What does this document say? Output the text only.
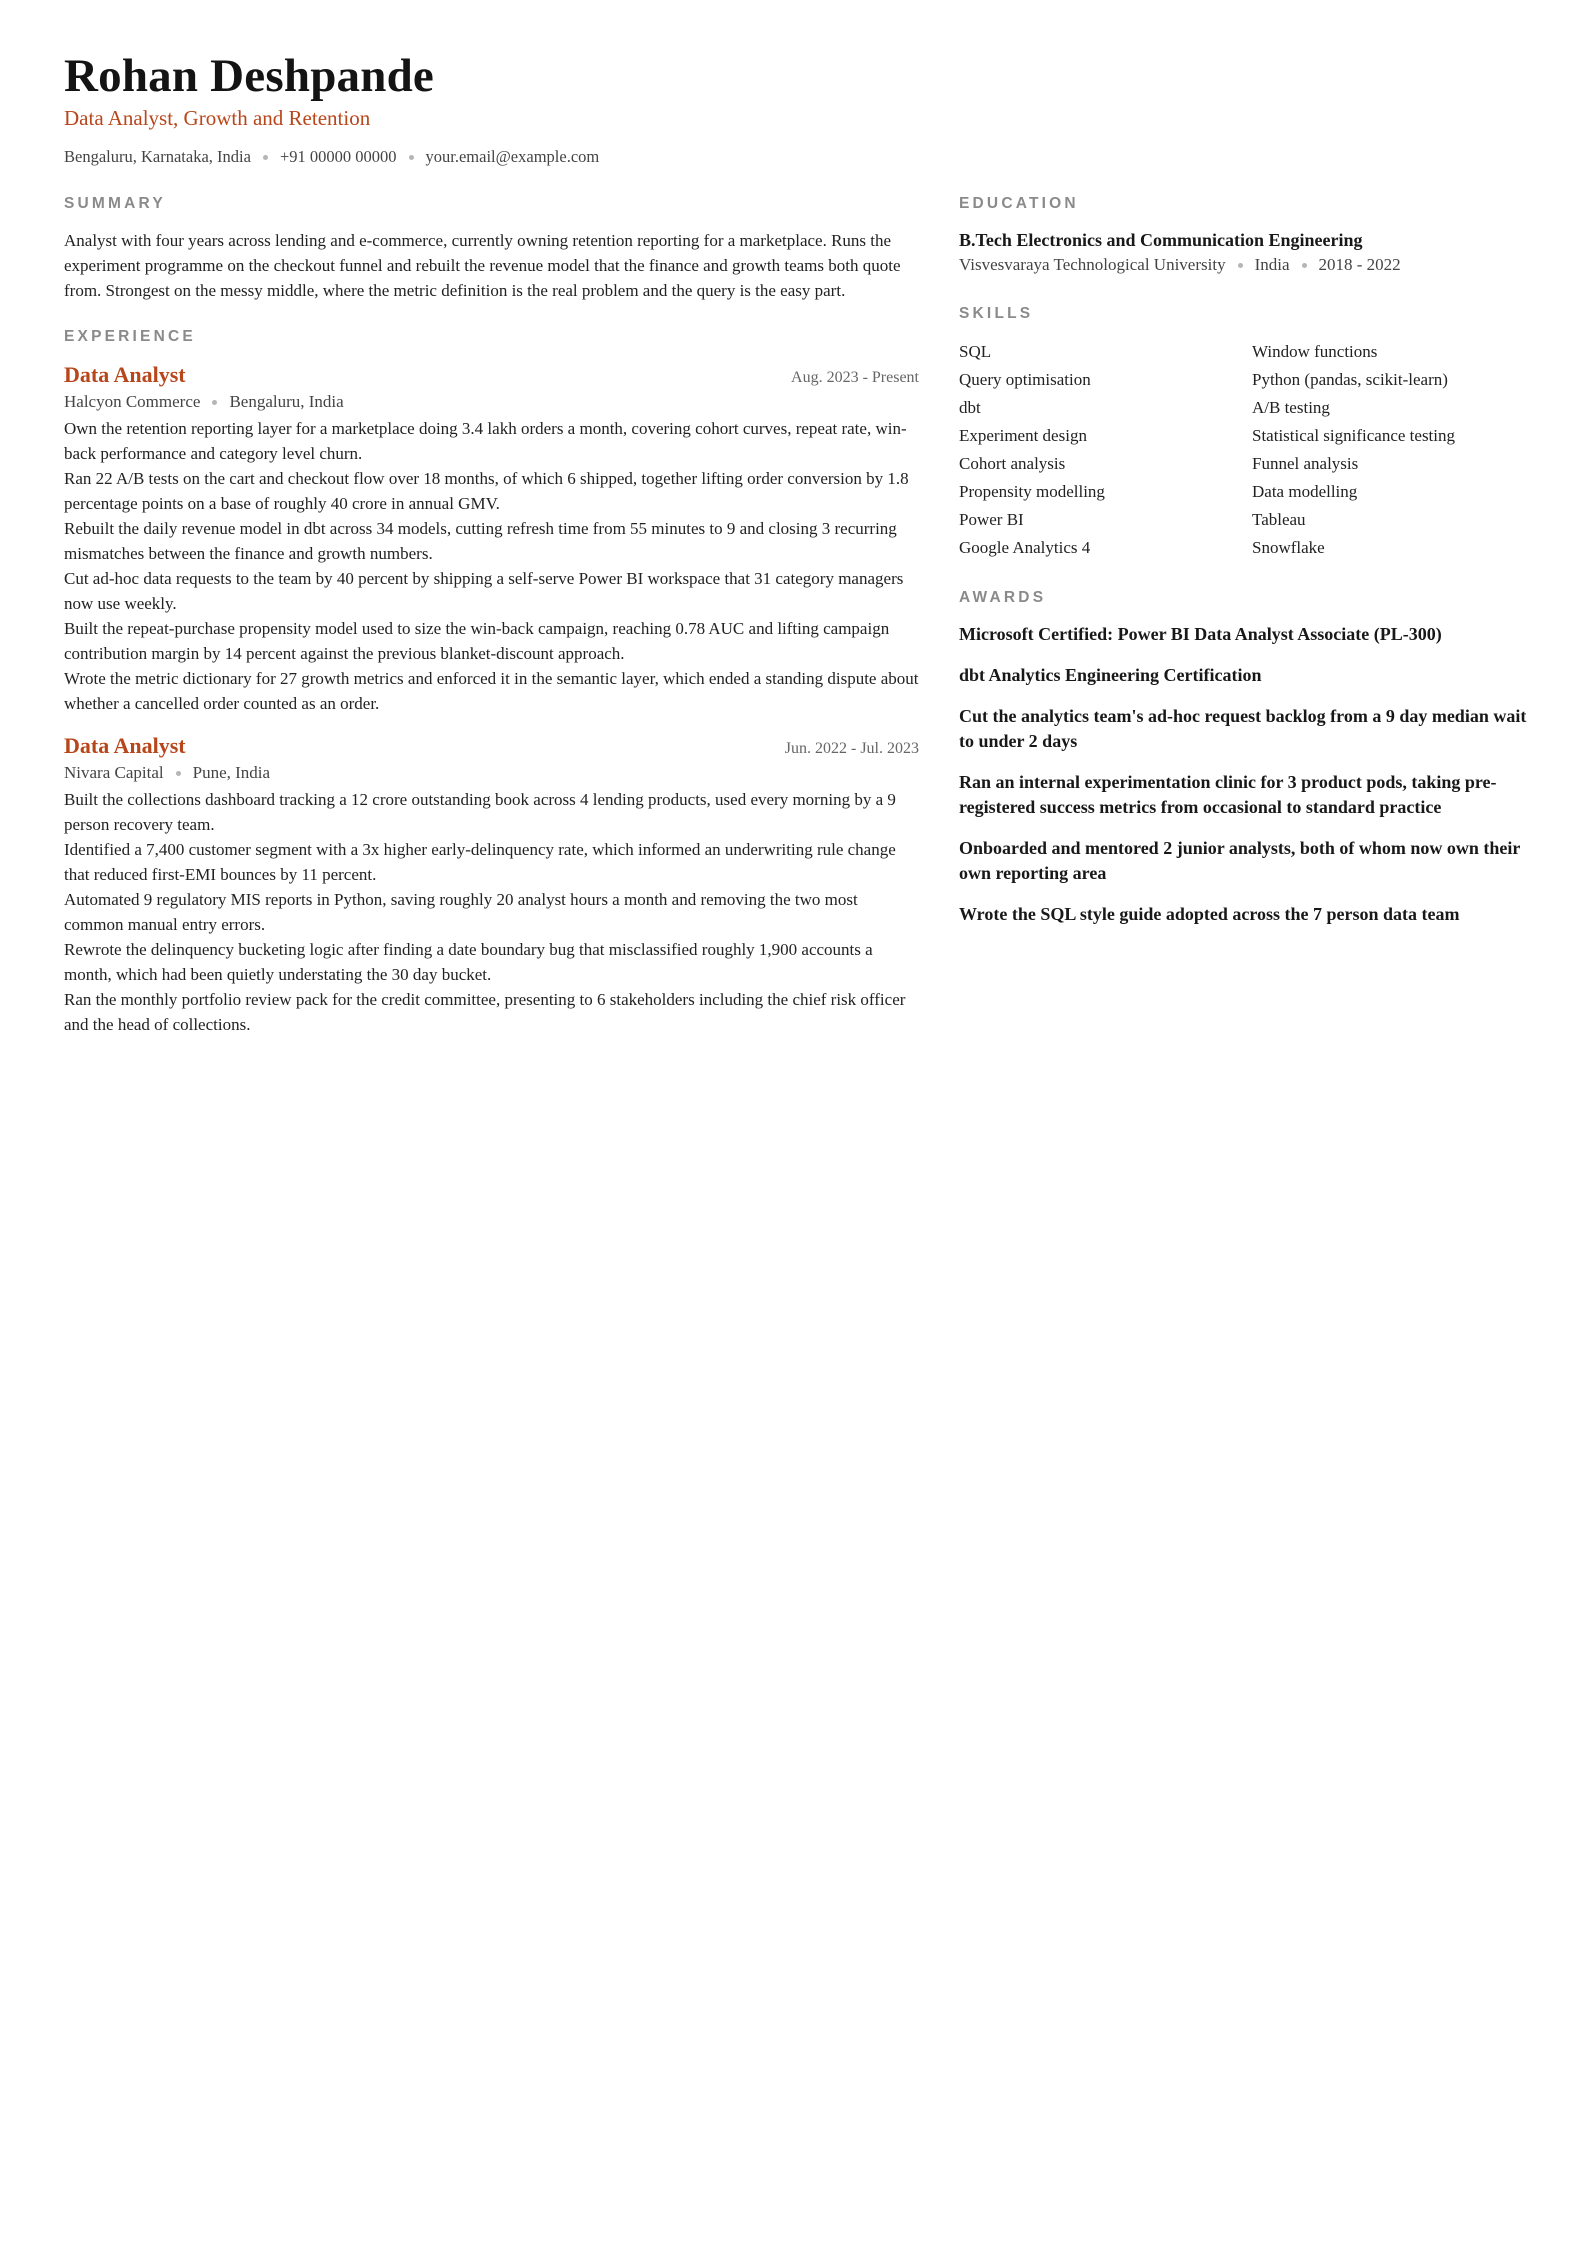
Rohan Deshpande
Data Analyst, Growth and Retention
Bengaluru, Karnataka, India +91 00000 00000 your.email@example.com
SUMMARY

Analyst with four years across lending and e-commerce, currently owning retention reporting for a marketplace. Runs the experiment programme on the checkout funnel and rebuilt the revenue model that the finance and growth teams both quote from. Strongest on the messy middle, where the metric definition is the real problem and the query is the easy part.

EXPERIENCE
Data Analyst	Aug. 2023 - Present
Halcyon Commerce Bengaluru, India
Own the retention reporting layer for a marketplace doing 3.4 lakh orders a month, covering cohort curves, repeat rate, win-back performance and category level churn.
Ran 22 A/B tests on the cart and checkout flow over 18 months, of which 6 shipped, together lifting order conversion by 1.8 percentage points on a base of roughly 40 crore in annual GMV.
Rebuilt the daily revenue model in dbt across 34 models, cutting refresh time from 55 minutes to 9 and closing 3 recurring mismatches between the finance and growth numbers.
Cut ad-hoc data requests to the team by 40 percent by shipping a self-serve Power BI workspace that 31 category managers now use weekly.
Built the repeat-purchase propensity model used to size the win-back campaign, reaching 0.78 AUC and lifting campaign contribution margin by 14 percent against the previous blanket-discount approach.
Wrote the metric dictionary for 27 growth metrics and enforced it in the semantic layer, which ended a standing dispute about whether a cancelled order counted as an order.
Data Analyst	Jun. 2022 - Jul. 2023
Nivara Capital Pune, India
Built the collections dashboard tracking a 12 crore outstanding book across 4 lending products, used every morning by a 9 person recovery team.
Identified a 7,400 customer segment with a 3x higher early-delinquency rate, which informed an underwriting rule change that reduced first-EMI bounces by 11 percent.
Automated 9 regulatory MIS reports in Python, saving roughly 20 analyst hours a month and removing the two most common manual entry errors.
Rewrote the delinquency bucketing logic after finding a date boundary bug that misclassified roughly 1,900 accounts a month, which had been quietly understating the 30 day bucket.
Ran the monthly portfolio review pack for the credit committee, presenting to 6 stakeholders including the chief risk officer and the head of collections.
EDUCATION
B.Tech Electronics and Communication Engineering
Visvesvaraya Technological University India 2018 - 2022
SKILLS
SQL	Window functions
Query optimisation	Python (pandas, scikit-learn)
dbt	A/B testing
Experiment design	Statistical significance testing
Cohort analysis	Funnel analysis
Propensity modelling	Data modelling
Power BI	Tableau
Google Analytics 4	Snowflake
AWARDS
Microsoft Certified: Power BI Data Analyst Associate (PL-300)
dbt Analytics Engineering Certification
Cut the analytics team's ad-hoc request backlog from a 9 day median wait to under 2 days
Ran an internal experimentation clinic for 3 product pods, taking pre-registered success metrics from occasional to standard practice
Onboarded and mentored 2 junior analysts, both of whom now own their own reporting area
Wrote the SQL style guide adopted across the 7 person data team
